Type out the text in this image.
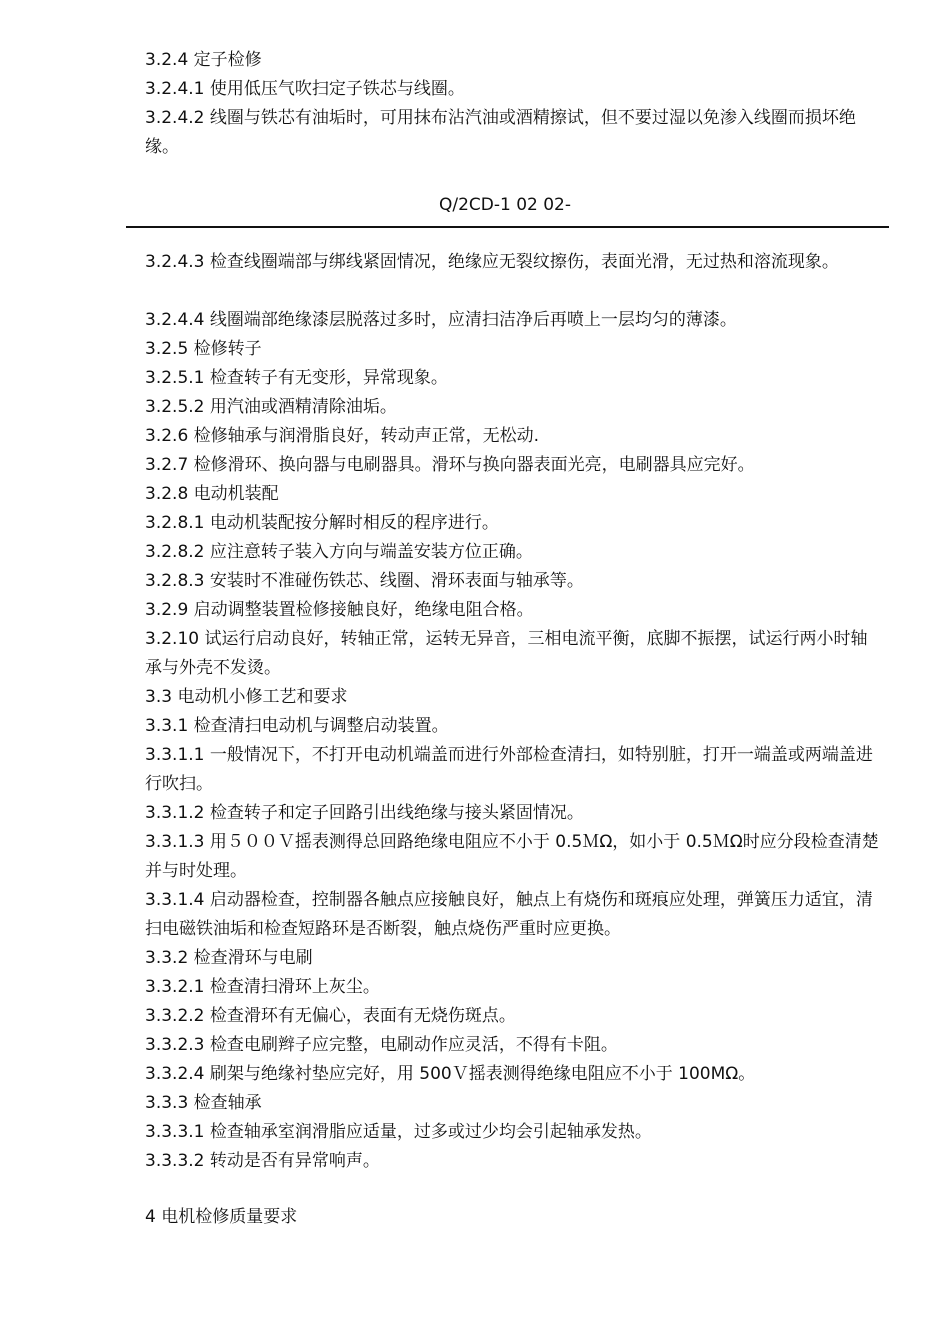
3.2.4 定子检修

3.2.4.1 使用低压气吹扫定子铁芯与线圈。

3.2.4.2 线圈与铁芯有油垢时，可用抹布沾汽油或酒精擦试，但不要过湿以免渗入线圈而损坏绝缘。

Q/2CD-1 02 02-

3.2.4.3 检查线圈端部与绑线紧固情况，绝缘应无裂纹擦伤，表面光滑，无过热和溶流现象。

3.2.4.4 线圈端部绝缘漆层脱落过多时，应清扫洁净后再喷上一层均匀的薄漆。

3.2.5 检修转子

3.2.5.1 检查转子有无变形，异常现象。

3.2.5.2 用汽油或酒精清除油垢。

3.2.6 检修轴承与润滑脂良好，转动声正常，无松动.

3.2.7 检修滑环、换向器与电刷器具。滑环与换向器表面光亮，电刷器具应完好。

3.2.8 电动机装配

3.2.8.1 电动机装配按分解时相反的程序进行。

3.2.8.2 应注意转子装入方向与端盖安装方位正确。

3.2.8.3 安装时不准碰伤铁芯、线圈、滑环表面与轴承等。

3.2.9 启动调整装置检修接触良好，绝缘电阻合格。

3.2.10 试运行启动良好，转轴正常，运转无异音，三相电流平衡，底脚不振摆，试运行两小时轴承与外壳不发烫。

3.3 电动机小修工艺和要求

3.3.1 检查清扫电动机与调整启动装置。

3.3.1.1 一般情况下，不打开电动机端盖而进行外部检查清扫，如特别脏，打开一端盖或两端盖进行吹扫。

3.3.1.2 检查转子和定子回路引出线绝缘与接头紧固情况。

3.3.1.3 用５００Ｖ摇表测得总回路绝缘电阻应不小于 0.5ＭΩ，如小于 0.5ＭΩ时应分段检查清楚并与时处理。

3.3.1.4 启动器检查，控制器各触点应接触良好，触点上有烧伤和斑痕应处理，弹簧压力适宜，清扫电磁铁油垢和检查短路环是否断裂，触点烧伤严重时应更换。

3.3.2 检查滑环与电刷

3.3.2.1 检查清扫滑环上灰尘。

3.3.2.2 检查滑环有无偏心，表面有无烧伤斑点。

3.3.2.3 检查电刷辫子应完整，电刷动作应灵活，不得有卡阻。

3.3.2.4 刷架与绝缘衬垫应完好，用 500Ｖ摇表测得绝缘电阻应不小于 100MΩ。

3.3.3 检查轴承

3.3.3.1 检查轴承室润滑脂应适量，过多或过少均会引起轴承发热。

3.3.3.2 转动是否有异常响声。

4 电机检修质量要求
